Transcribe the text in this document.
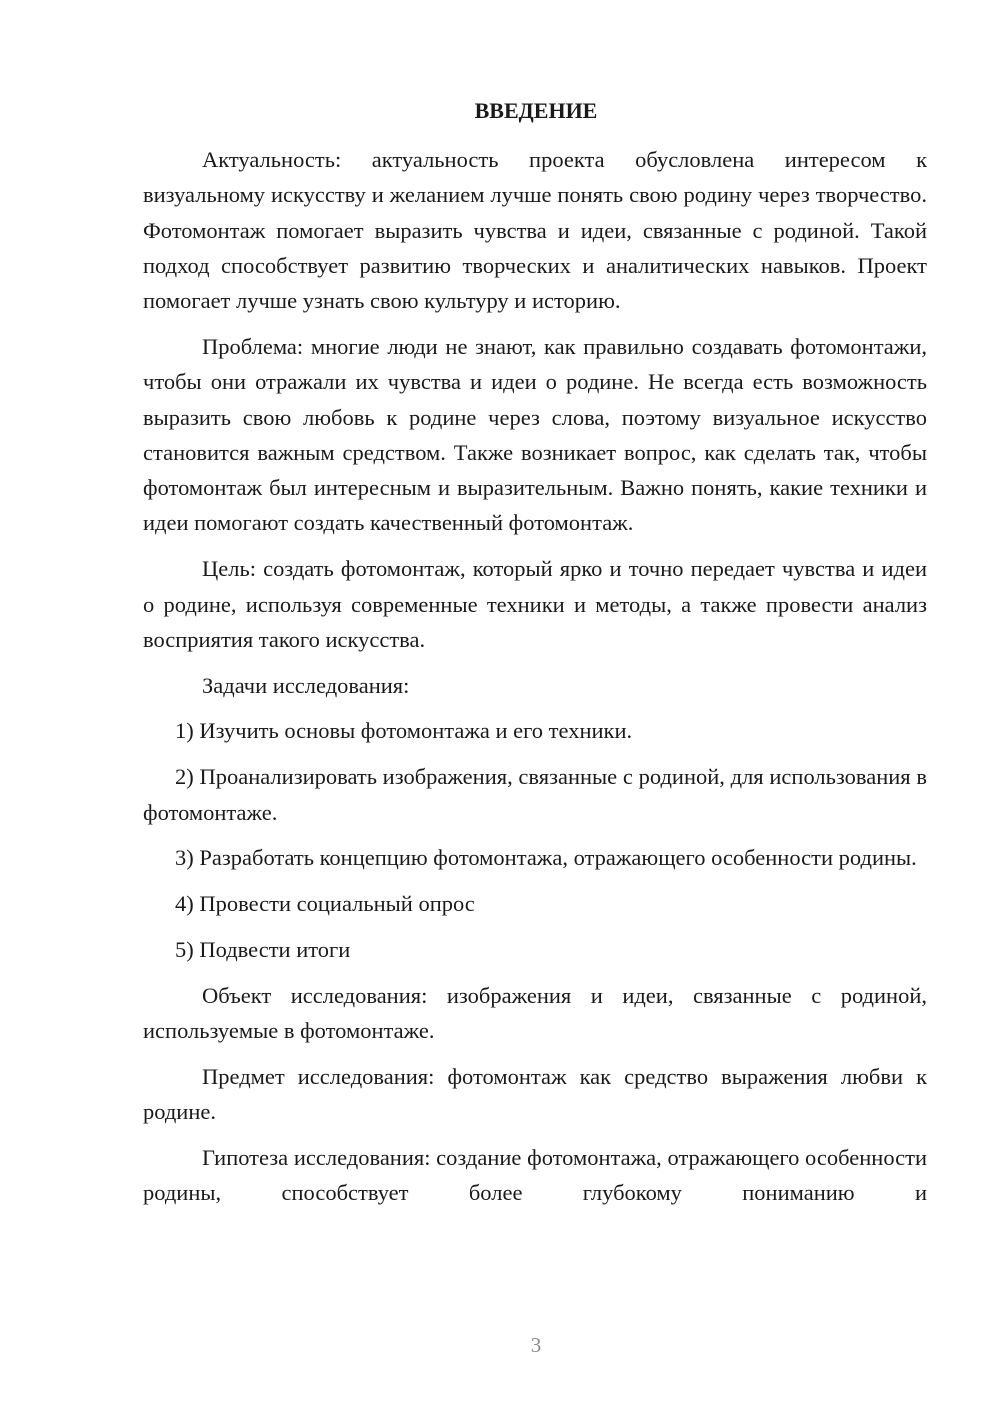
ВВЕДЕНИЕ

Актуальность: актуальность проекта обусловлена интересом к визуальному искусству и желанием лучше понять свою родину через творчество. Фотомонтаж помогает выразить чувства и идеи, связанные с родиной. Такой подход способствует развитию творческих и аналитических навыков. Проект помогает лучше узнать свою культуру и историю.

Проблема: многие люди не знают, как правильно создавать фотомонтажи, чтобы они отражали их чувства и идеи о родине. Не всегда есть возможность выразить свою любовь к родине через слова, поэтому визуальное искусство становится важным средством. Также возникает вопрос, как сделать так, чтобы фотомонтаж был интересным и выразительным. Важно понять, какие техники и идеи помогают создать качественный фотомонтаж.

Цель: создать фотомонтаж, который ярко и точно передает чувства и идеи о родине, используя современные техники и методы, а также провести анализ восприятия такого искусства.

Задачи исследования:

1) Изучить основы фотомонтажа и его техники.

2) Проанализировать изображения, связанные с родиной, для использования в фотомонтаже.

3) Разработать концепцию фотомонтажа, отражающего особенности родины.

4) Провести социальный опрос

5) Подвести итоги

Объект исследования: изображения и идеи, связанные с родиной, используемые в фотомонтаже.

Предмет исследования: фотомонтаж как средство выражения любви к родине.

Гипотеза исследования: создание фотомонтажа, отражающего особенности родины, способствует более глубокому пониманию и

3
